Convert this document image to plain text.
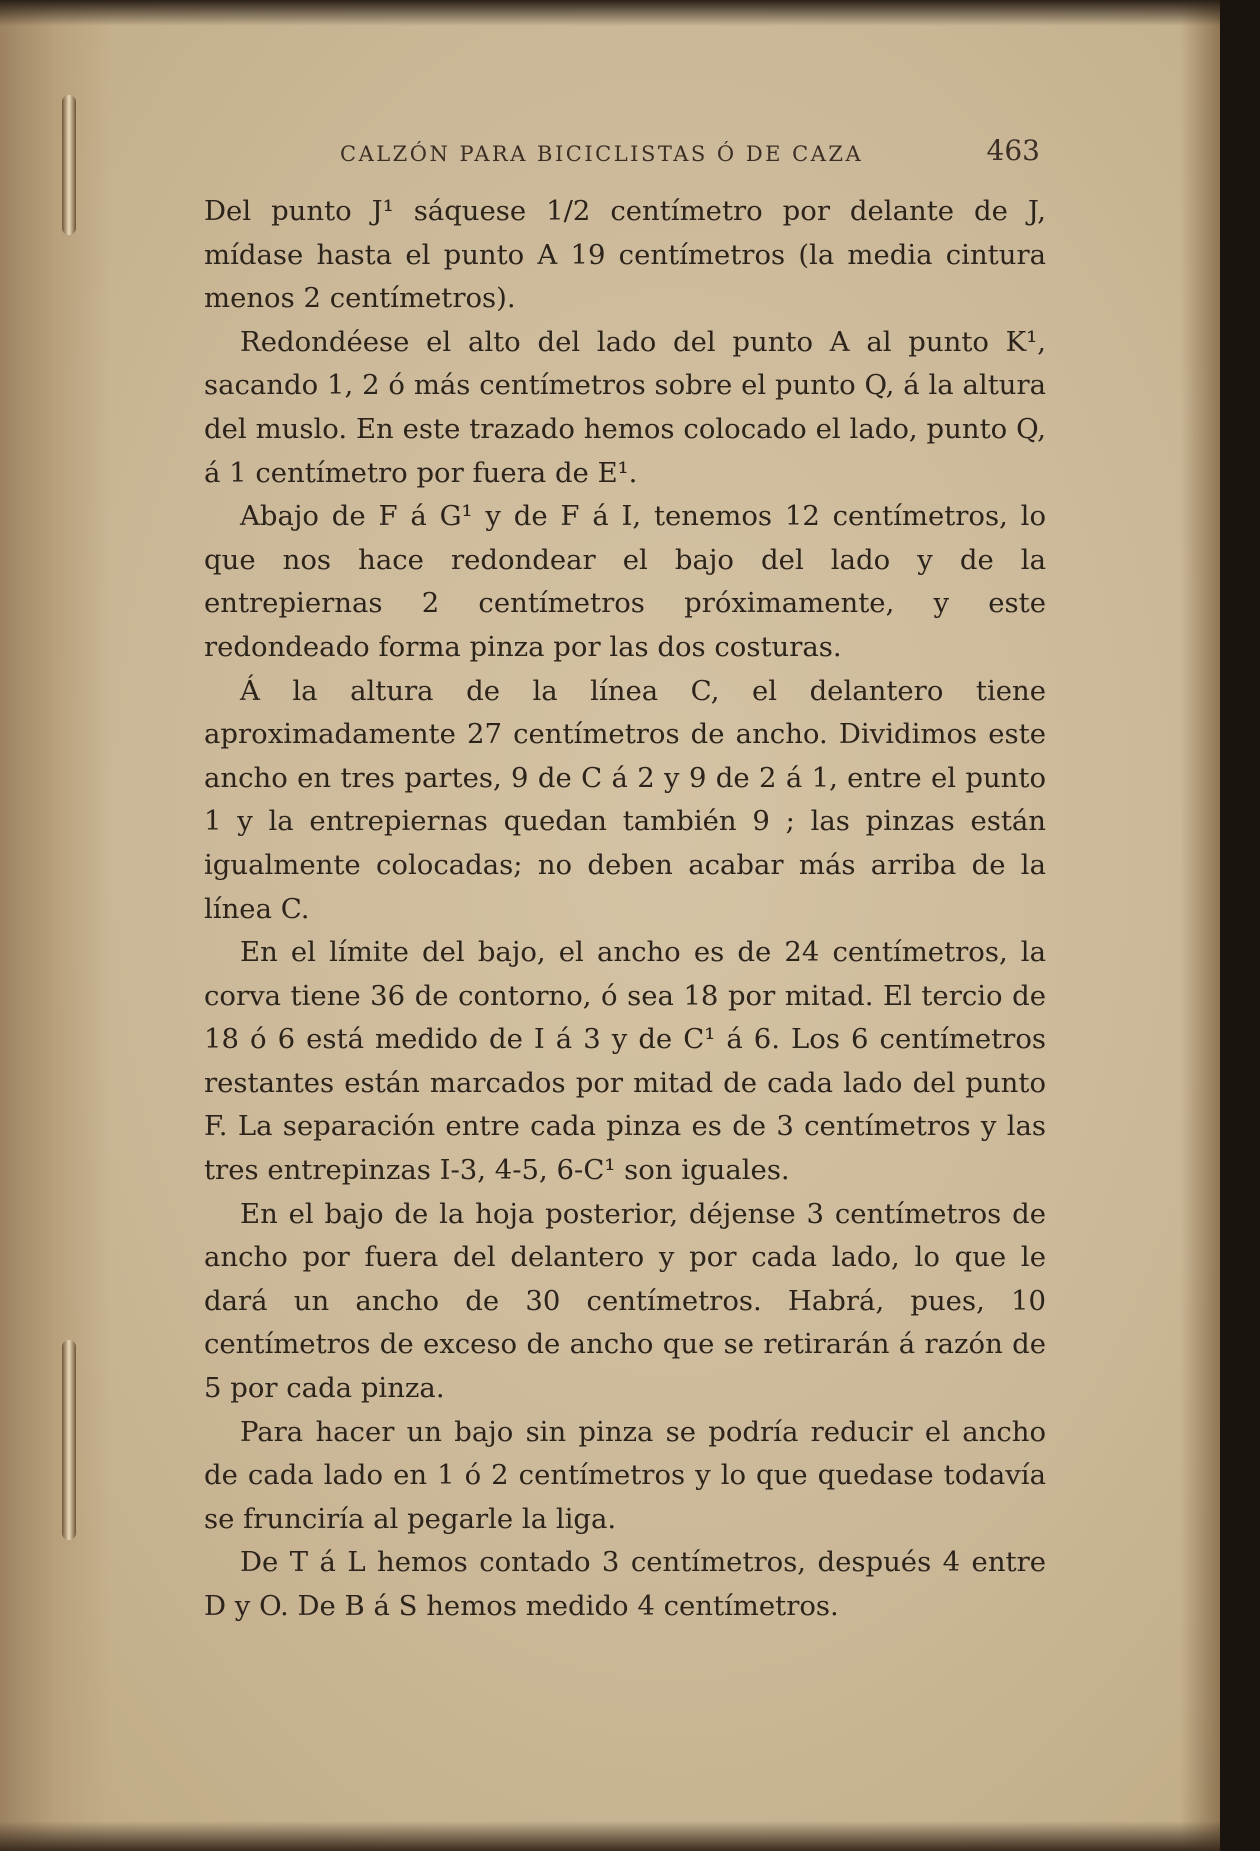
CALZÓN PARA BICICLISTAS Ó DE CAZA	463

Del punto J¹ sáquese 1/2 centímetro por delante de J, mídase hasta el punto A 19 centímetros (la media cintura menos 2 centímetros).

Redondéese el alto del lado del punto A al punto K¹, sacando 1, 2 ó más centímetros sobre el punto Q, á la altura del muslo. En este trazado hemos colocado el lado, punto Q, á 1 centímetro por fuera de E¹.

Abajo de F á G¹ y de F á I, tenemos 12 centímetros, lo que nos hace redondear el bajo del lado y de la entrepiernas 2 centímetros próximamente, y este redondeado forma pinza por las dos costuras.

Á la altura de la línea C, el delantero tiene aproximadamente 27 centímetros de ancho. Dividimos este ancho en tres partes, 9 de C á 2 y 9 de 2 á 1, entre el punto 1 y la entrepiernas quedan también 9 ; las pinzas están igualmente colocadas; no deben acabar más arriba de la línea C.

En el límite del bajo, el ancho es de 24 centímetros, la corva tiene 36 de contorno, ó sea 18 por mitad. El tercio de 18 ó 6 está medido de I á 3 y de C¹ á 6. Los 6 centímetros restantes están marcados por mitad de cada lado del punto F. La separación entre cada pinza es de 3 centímetros y las tres entrepinzas I-3, 4-5, 6-C¹ son iguales.

En el bajo de la hoja posterior, déjense 3 centímetros de ancho por fuera del delantero y por cada lado, lo que le dará un ancho de 30 centímetros. Habrá, pues, 10 centímetros de exceso de ancho que se retirarán á razón de 5 por cada pinza.

Para hacer un bajo sin pinza se podría reducir el ancho de cada lado en 1 ó 2 centímetros y lo que quedase todavía se frunciría al pegarle la liga.

De T á L hemos contado 3 centímetros, después 4 entre D y O. De B á S hemos medido 4 centímetros.
